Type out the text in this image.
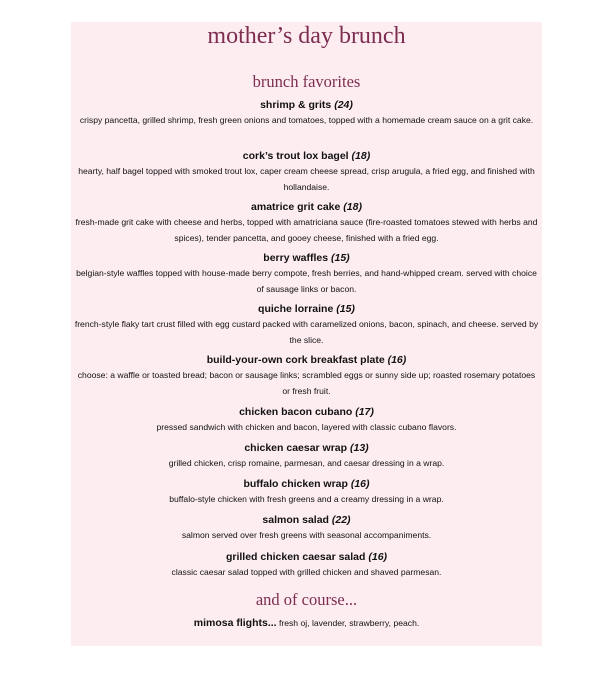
mother’s day brunch
brunch favorites
shrimp & grits (24)
crispy pancetta, grilled shrimp, fresh green onions and tomatoes, topped with a homemade cream sauce on a grit cake.
cork’s trout lox bagel (18)
hearty, half bagel topped with smoked trout lox, caper cream cheese spread, crisp arugula, a fried egg, and finished with hollandaise.
amatrice grit cake (18)
fresh-made grit cake with cheese and herbs, topped with amatriciana sauce (fire-roasted tomatoes stewed with herbs and spices), tender pancetta, and gooey cheese, finished with a fried egg.
berry waffles (15)
belgian-style waffles topped with house-made berry compote, fresh berries, and hand-whipped cream. served with choice of sausage links or bacon.
quiche lorraine (15)
french-style flaky tart crust filled with egg custard packed with caramelized onions, bacon, spinach, and cheese. served by the slice.
build-your-own cork breakfast plate (16)
choose: a waffle or toasted bread; bacon or sausage links; scrambled eggs or sunny side up; roasted rosemary potatoes or fresh fruit.
chicken bacon cubano (17)
pressed sandwich with chicken and bacon, layered with classic cubano flavors.
chicken caesar wrap (13)
grilled chicken, crisp romaine, parmesan, and caesar dressing in a wrap.
buffalo chicken wrap (16)
buffalo-style chicken with fresh greens and a creamy dressing in a wrap.
salmon salad (22)
salmon served over fresh greens with seasonal accompaniments.
grilled chicken caesar salad (16)
classic caesar salad topped with grilled chicken and shaved parmesan.
and of course...
mimosa flights... fresh oj, lavender, strawberry, peach.
